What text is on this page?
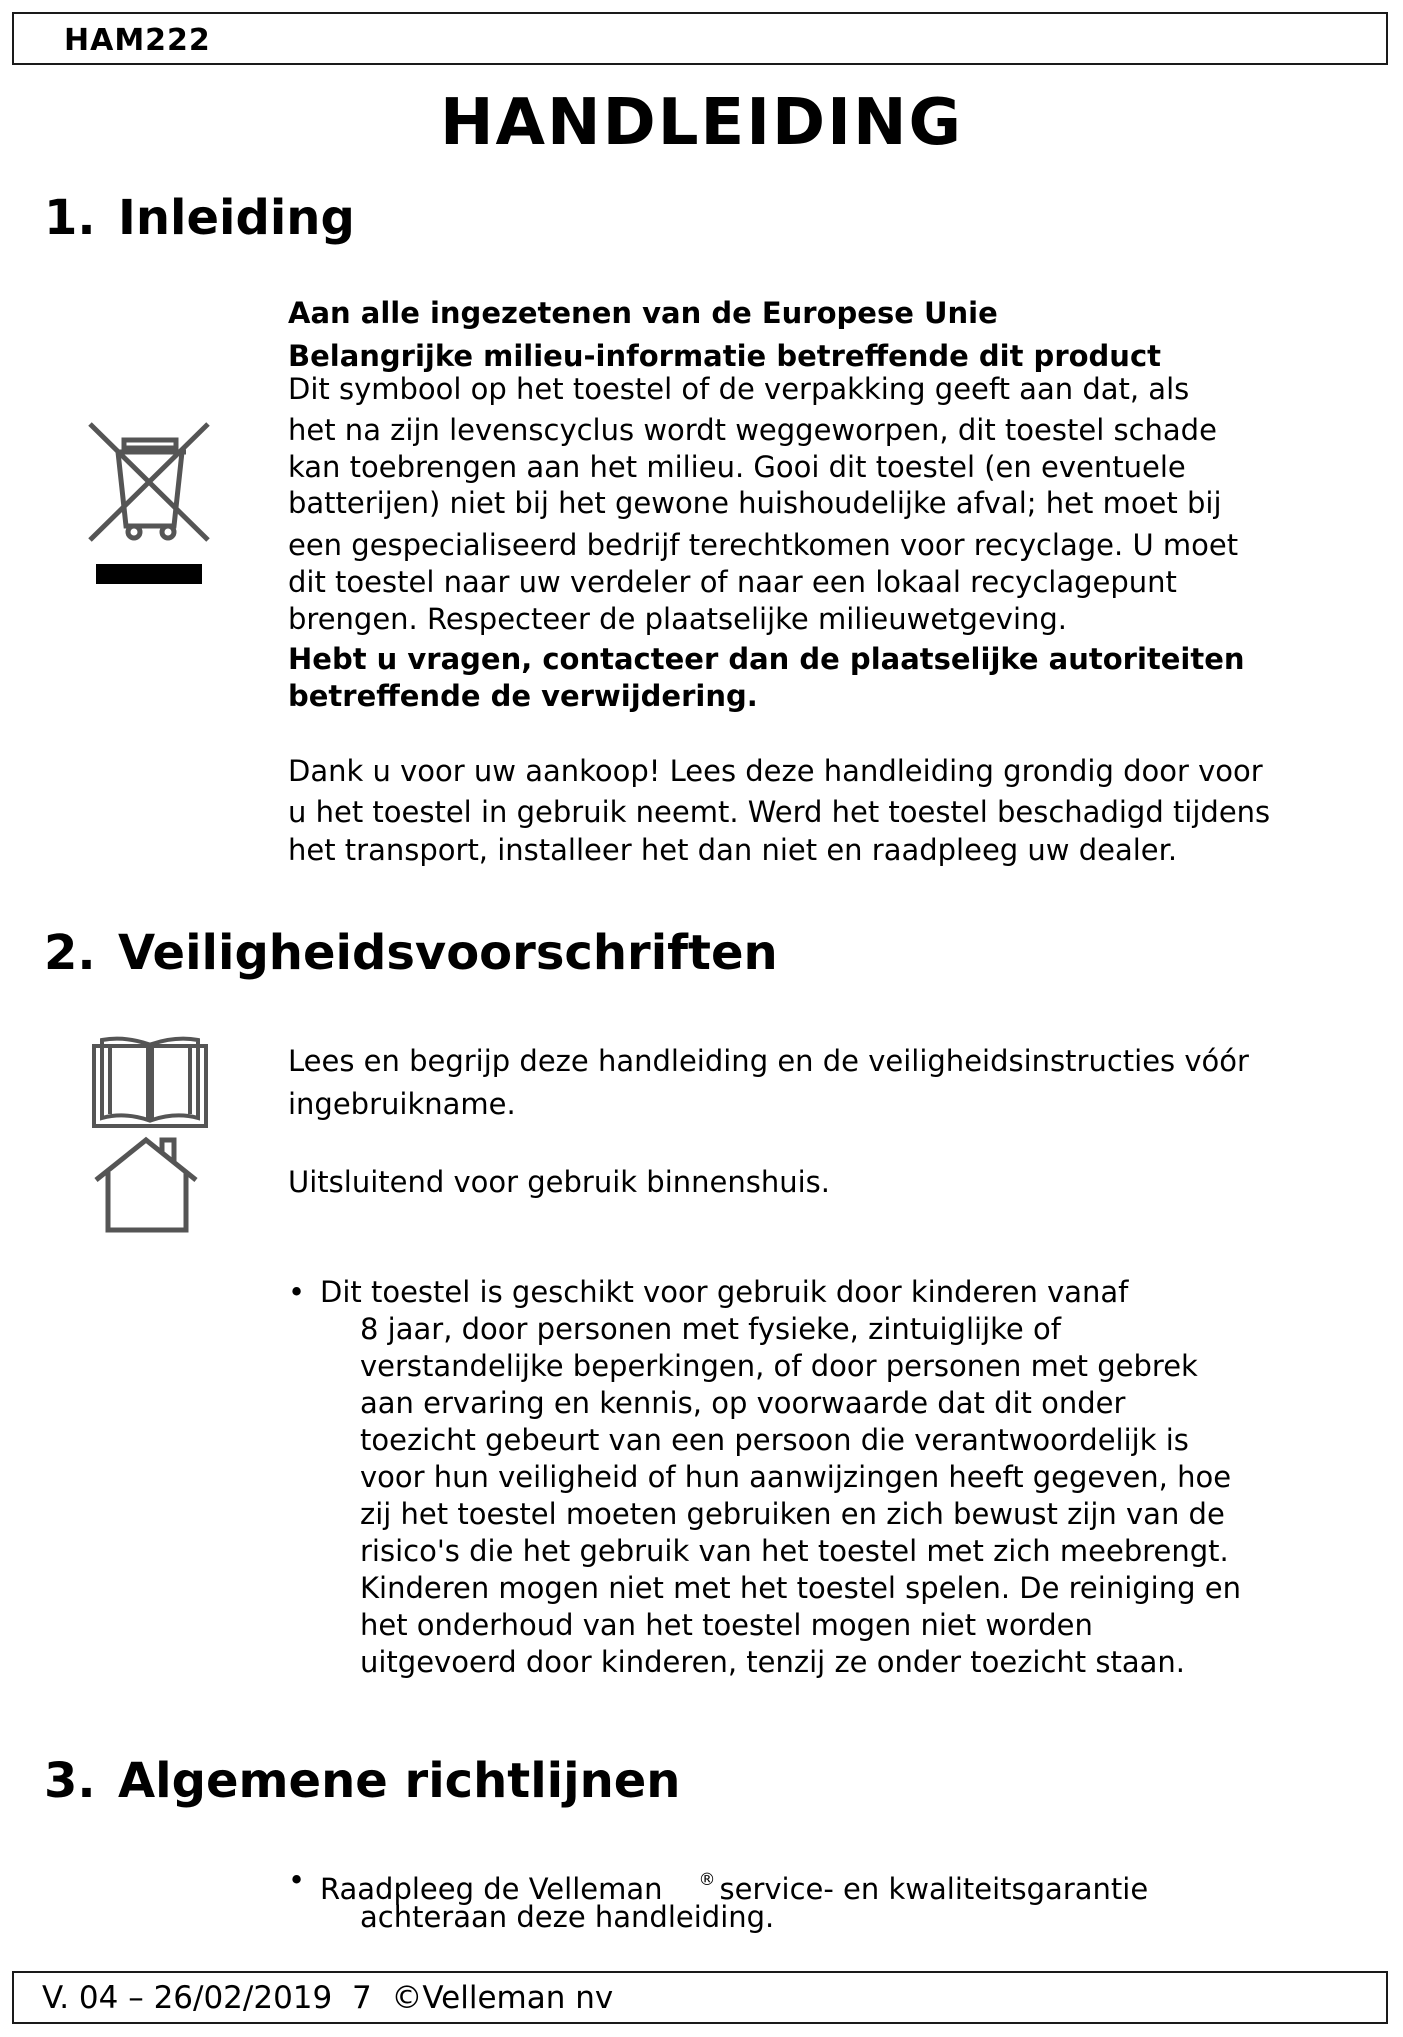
HAM222
HANDLEIDING
1. Inleiding
Aan alle ingezetenen van de Europese Unie
Belangrijke milieu-informatie betreffende dit product
Dit symbool op het toestel of de verpakking geeft aan dat, als
het na zijn levenscyclus wordt weggeworpen, dit toestel schade
kan toebrengen aan het milieu. Gooi dit toestel (en eventuele
batterijen) niet bij het gewone huishoudelijke afval; het moet bij
een gespecialiseerd bedrijf terechtkomen voor recyclage. U moet
dit toestel naar uw verdeler of naar een lokaal recyclagepunt
brengen. Respecteer de plaatselijke milieuwetgeving.
Hebt u vragen, contacteer dan de plaatselijke autoriteiten
betreffende de verwijdering.
Dank u voor uw aankoop! Lees deze handleiding grondig door voor
u het toestel in gebruik neemt. Werd het toestel beschadigd tijdens
het transport, installeer het dan niet en raadpleeg uw dealer.
2. Veiligheidsvoorschriften
Lees en begrijp deze handleiding en de veiligheidsinstructies vóór
ingebruikname.
Uitsluitend voor gebruik binnenshuis.
• Dit toestel is geschikt voor gebruik door kinderen vanaf
8 jaar, door personen met fysieke, zintuiglijke of
verstandelijke beperkingen, of door personen met gebrek
aan ervaring en kennis, op voorwaarde dat dit onder
toezicht gebeurt van een persoon die verantwoordelijk is
voor hun veiligheid of hun aanwijzingen heeft gegeven, hoe
zij het toestel moeten gebruiken en zich bewust zijn van de
risico's die het gebruik van het toestel met zich meebrengt.
Kinderen mogen niet met het toestel spelen. De reiniging en
het onderhoud van het toestel mogen niet worden
uitgevoerd door kinderen, tenzij ze onder toezicht staan.
3. Algemene richtlijnen
• Raadpleeg de Velleman ® service- en kwaliteitsgarantie
achteraan deze handleiding.
V. 04 – 26/02/2019  7  ©Velleman nv
